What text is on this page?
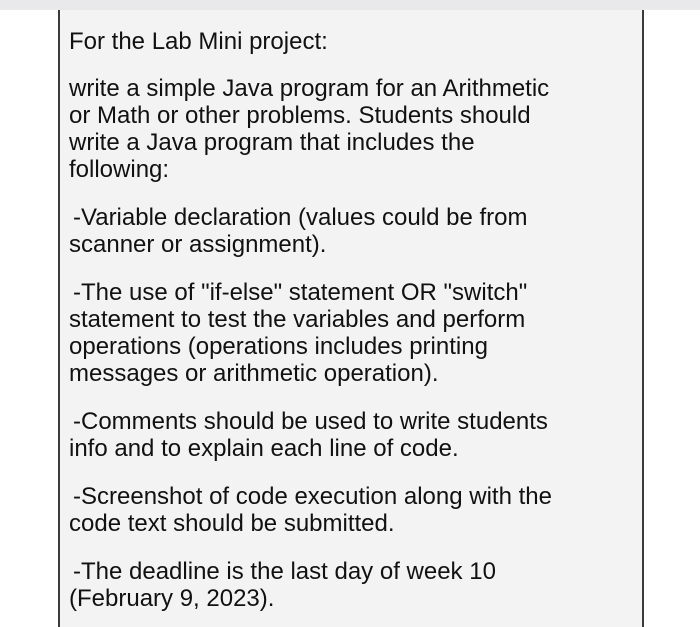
For the Lab Mini project:
write a simple Java program for an Arithmetic
or Math or other problems. Students should
write a Java program that includes the
following:
-Variable declaration (values could be from
scanner or assignment).
-The use of "if-else" statement OR "switch"
statement to test the variables and perform
operations (operations includes printing
messages or arithmetic operation).
-Comments should be used to write students
info and to explain each line of code.
-Screenshot of code execution along with the
code text should be submitted.
-The deadline is the last day of week 10
(February 9, 2023).
